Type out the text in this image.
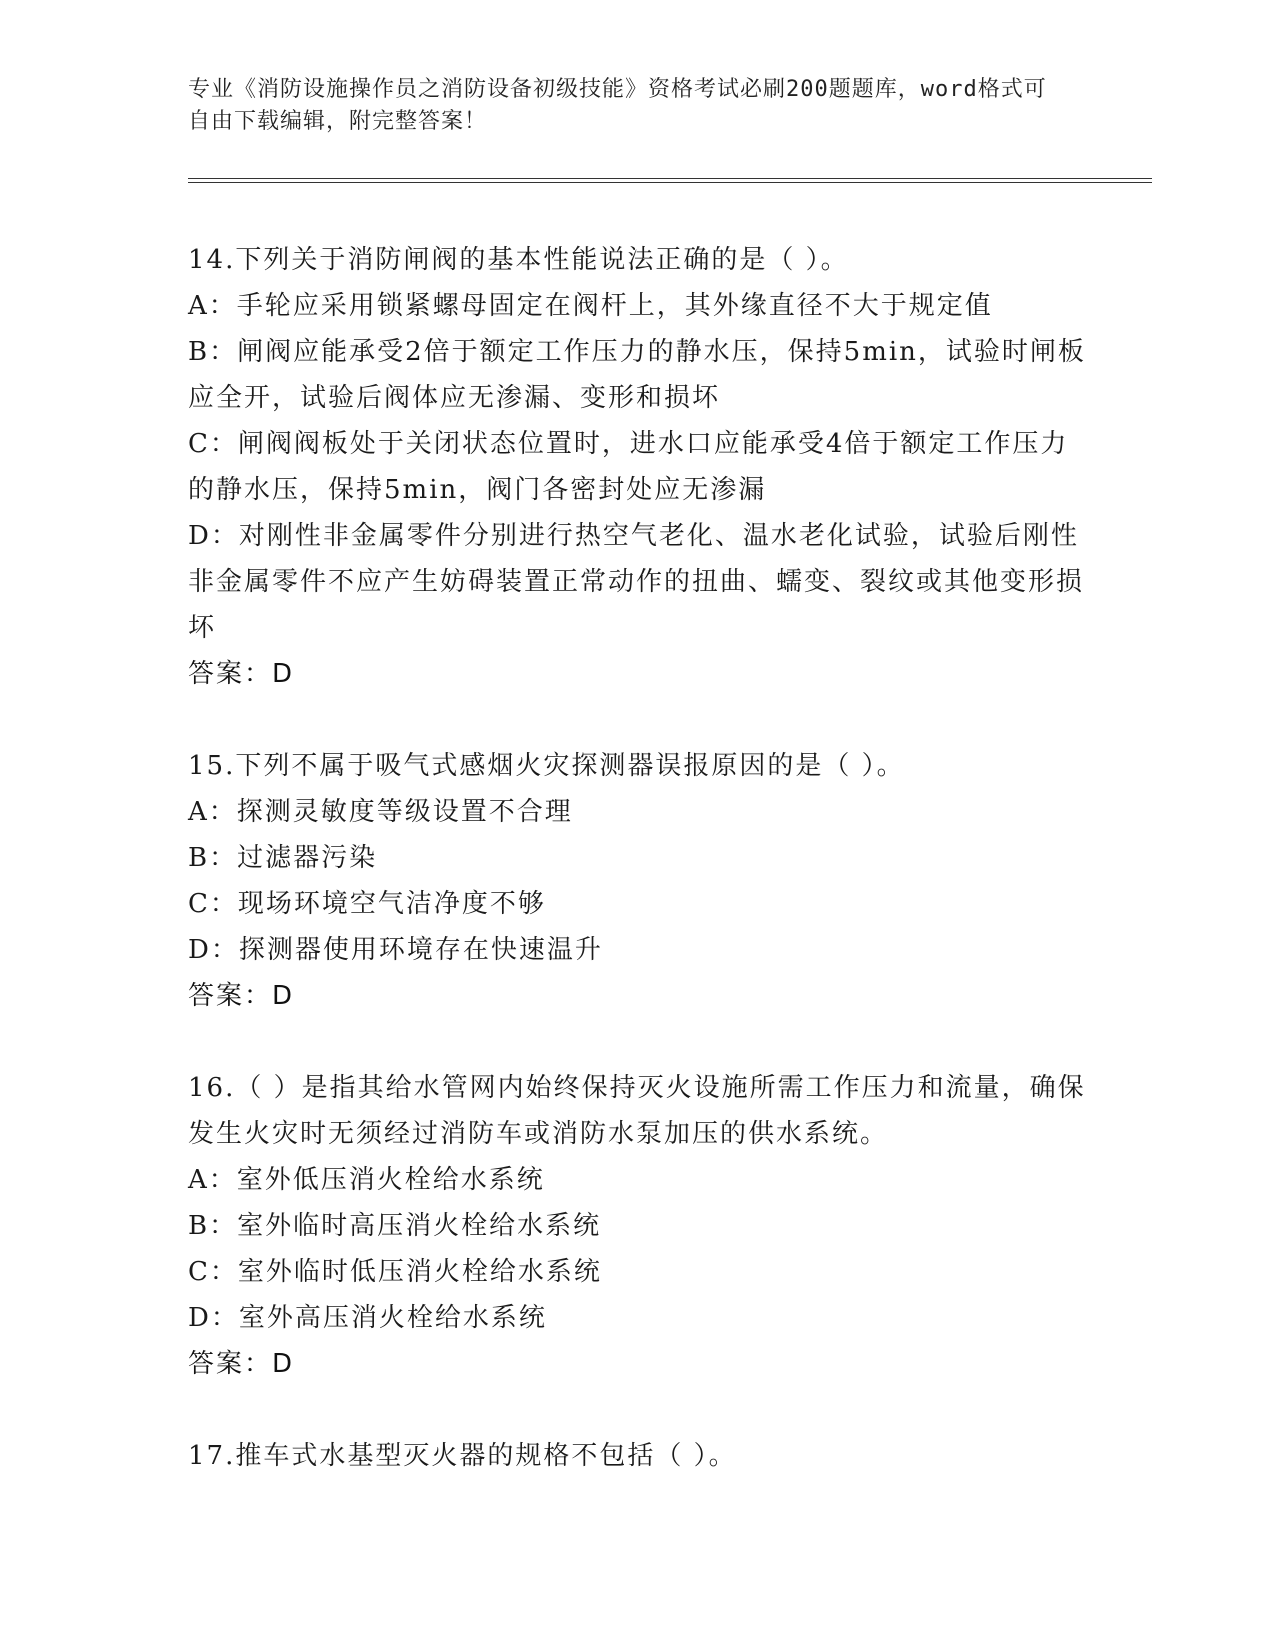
专业《消防设施操作员之消防设备初级技能》资格考试必刷200题题库，word格式可自由下载编辑，附完整答案！
14.下列关于消防闸阀的基本性能说法正确的是（ ）。
A：手轮应采用锁紧螺母固定在阀杆上，其外缘直径不大于规定值
B：闸阀应能承受2倍于额定工作压力的静水压，保持5min，试验时闸板应全开，试验后阀体应无渗漏、变形和损坏
C：闸阀阀板处于关闭状态位置时，进水口应能承受4倍于额定工作压力的静水压，保持5min，阀门各密封处应无渗漏
D：对刚性非金属零件分别进行热空气老化、温水老化试验，试验后刚性非金属零件不应产生妨碍装置正常动作的扭曲、蠕变、裂纹或其他变形损坏
答案：D
15.下列不属于吸气式感烟火灾探测器误报原因的是（ ）。
A：探测灵敏度等级设置不合理
B：过滤器污染
C：现场环境空气洁净度不够
D：探测器使用环境存在快速温升
答案：D
16.（ ）是指其给水管网内始终保持灭火设施所需工作压力和流量，确保发生火灾时无须经过消防车或消防水泵加压的供水系统。
A：室外低压消火栓给水系统
B：室外临时高压消火栓给水系统
C：室外临时低压消火栓给水系统
D：室外高压消火栓给水系统
答案：D
17.推车式水基型灭火器的规格不包括（ ）。
